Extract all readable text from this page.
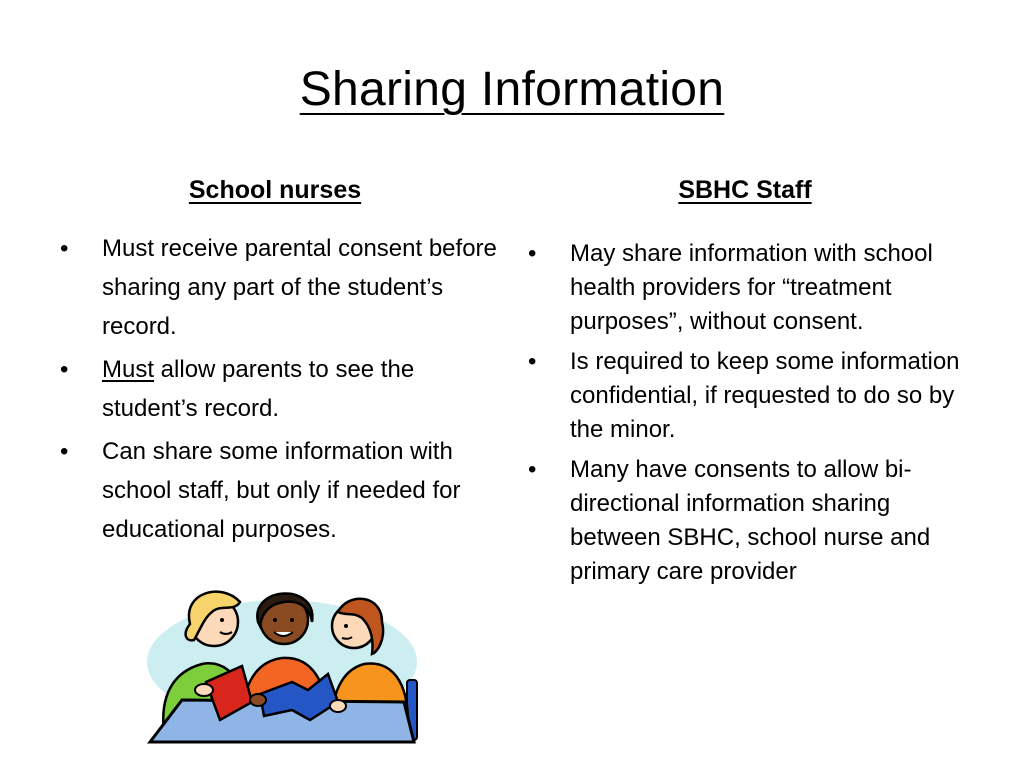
Sharing Information
School nurses	SBHC Staff
•	Must receive parental consent before sharing any part of the student’s record.
•	Must allow parents to see the student’s record.
•	Can share some information with school staff, but only if needed for educational purposes.
•	May share information with school health providers for “treatment purposes”, without consent.
•	Is required to keep some information confidential, if requested to do so by the minor.
•	Many have consents to allow bi-directional information sharing between SBHC, school nurse and primary care provider
